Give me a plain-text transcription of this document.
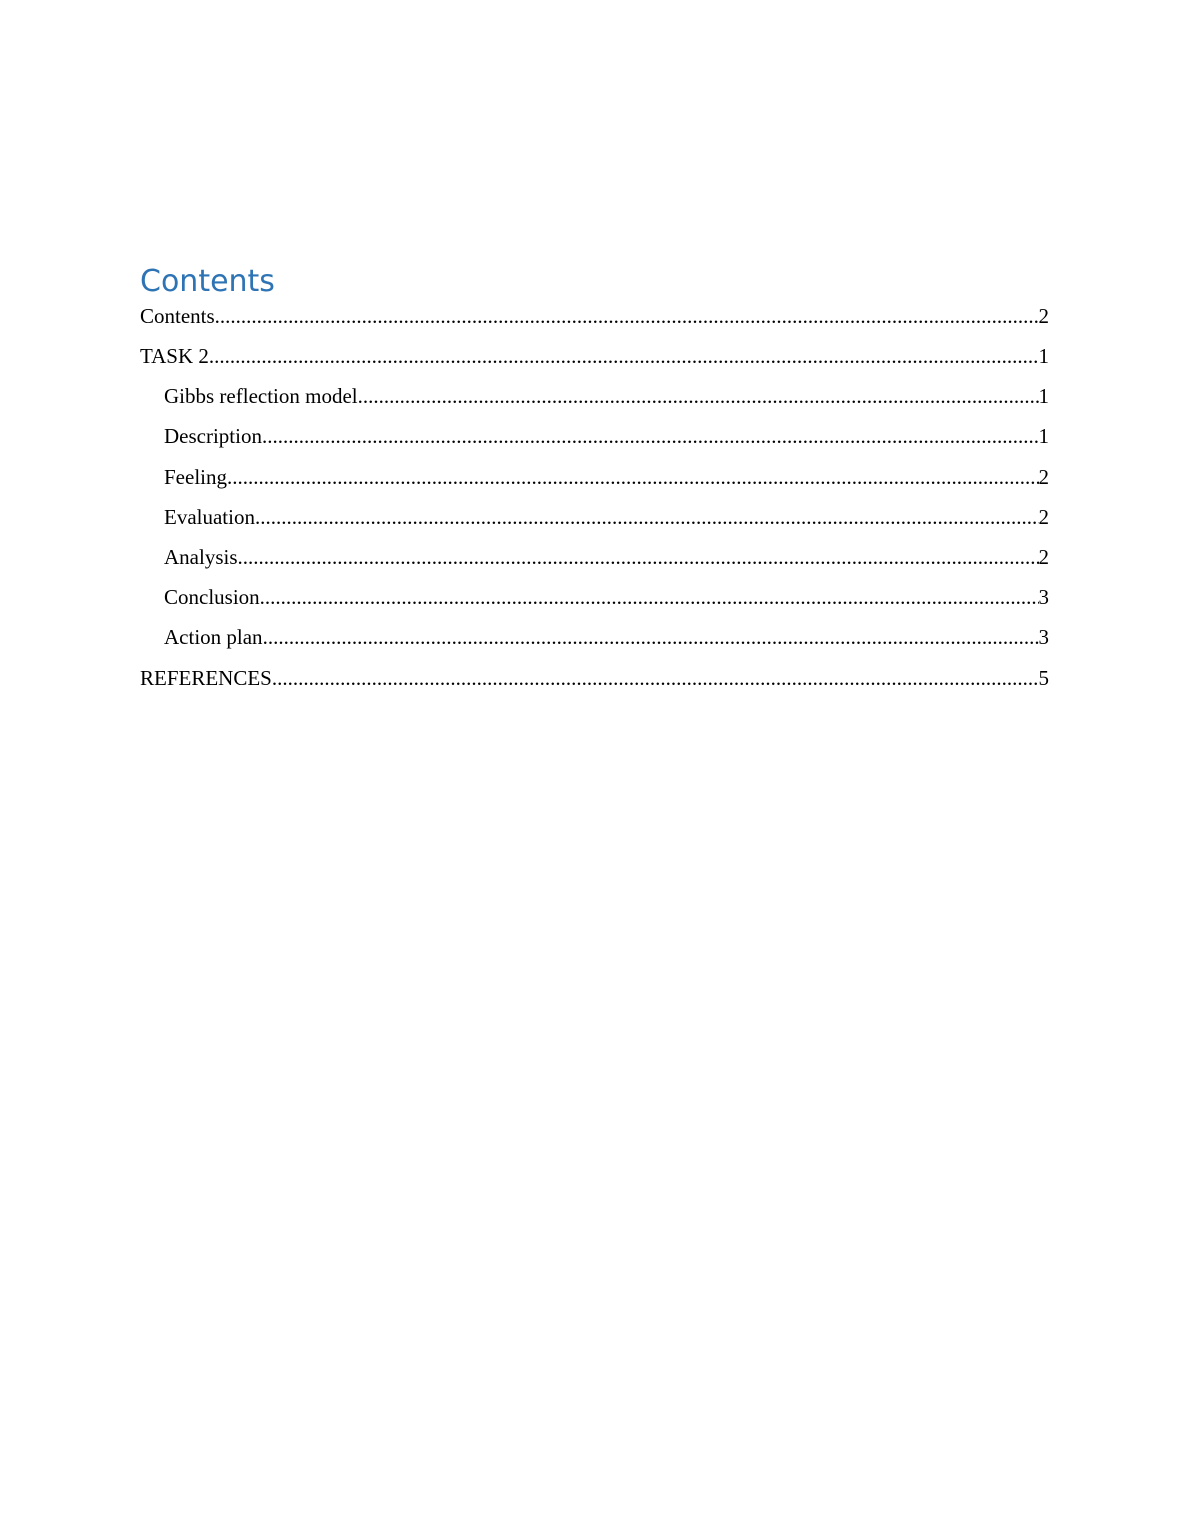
Contents
Contents .....	2
TASK 2 .....	1
Gibbs reflection model .....	1
Description .....	1
Feeling .....	2
Evaluation .....	2
Analysis .....	2
Conclusion .....	3
Action plan .....	3
REFERENCES .....	5
